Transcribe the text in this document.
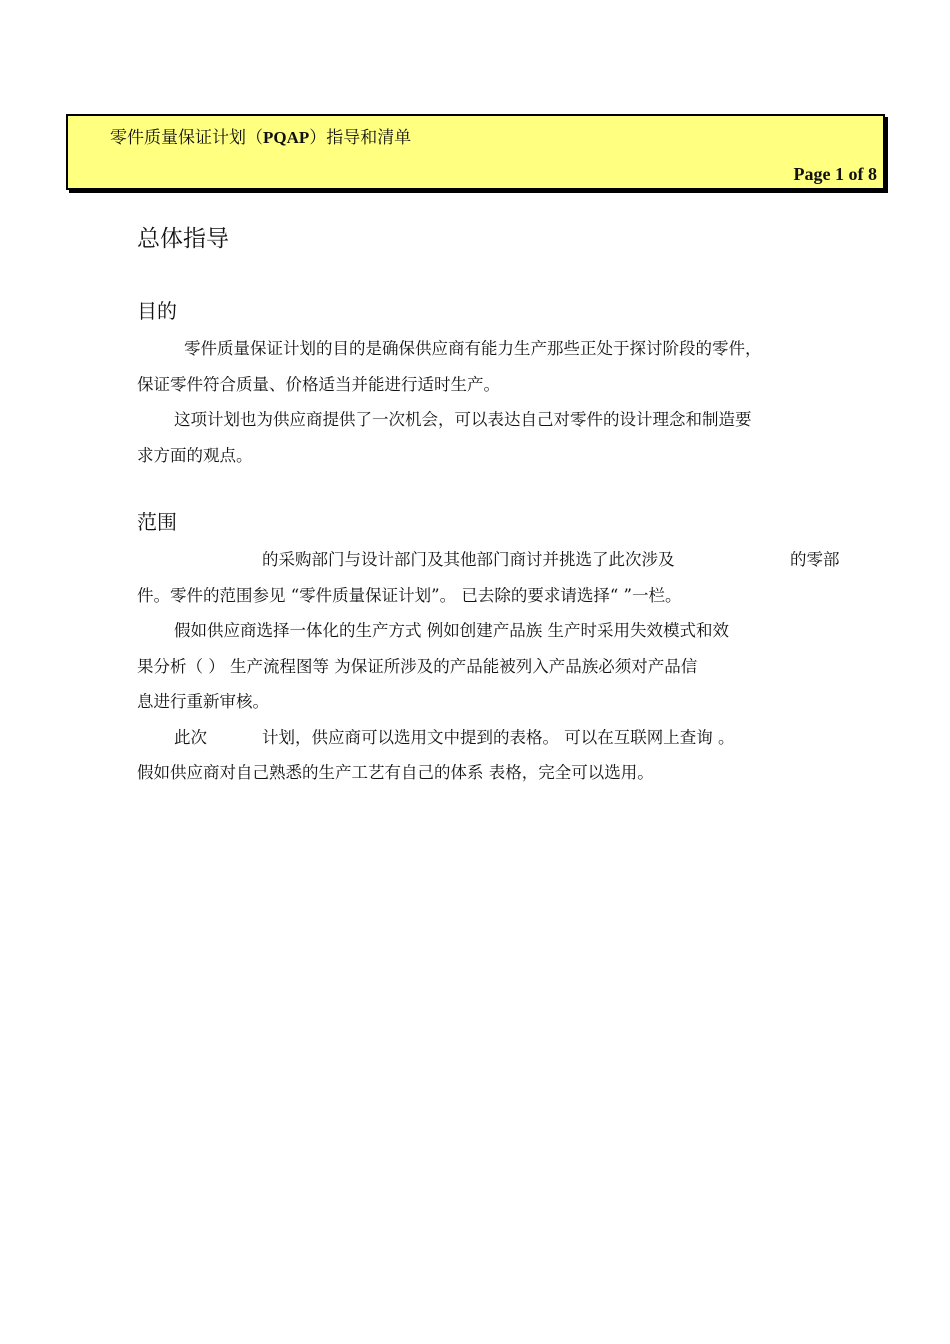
零件质量保证计划（PQAP）指导和清单
Page 1 of 8
总体指导
目的
零件质量保证计划的目的是确保供应商有能力生产那些正处于探讨阶段的零件，
保证零件符合质量、价格适当并能进行适时生产。
这项计划也为供应商提供了一次机会，可以表达自己对零件的设计理念和制造要
求方面的观点。
范围
的采购部门与设计部门及其他部门商讨并挑选了此次涉及	的零部
件。零件的范围参见 “零件质量保证计划”。 已去除的要求请选择“ ”一栏。
假如供应商选择一体化的生产方式 例如创建产品族 生产时采用失效模式和效
果分析（ ） 生产流程图等 为保证所涉及的产品能被列入产品族必须对产品信
息进行重新审核。
此次	计划，供应商可以选用文中提到的表格。 可以在互联网上查询 。
假如供应商对自己熟悉的生产工艺有自己的体系 表格，完全可以选用。
